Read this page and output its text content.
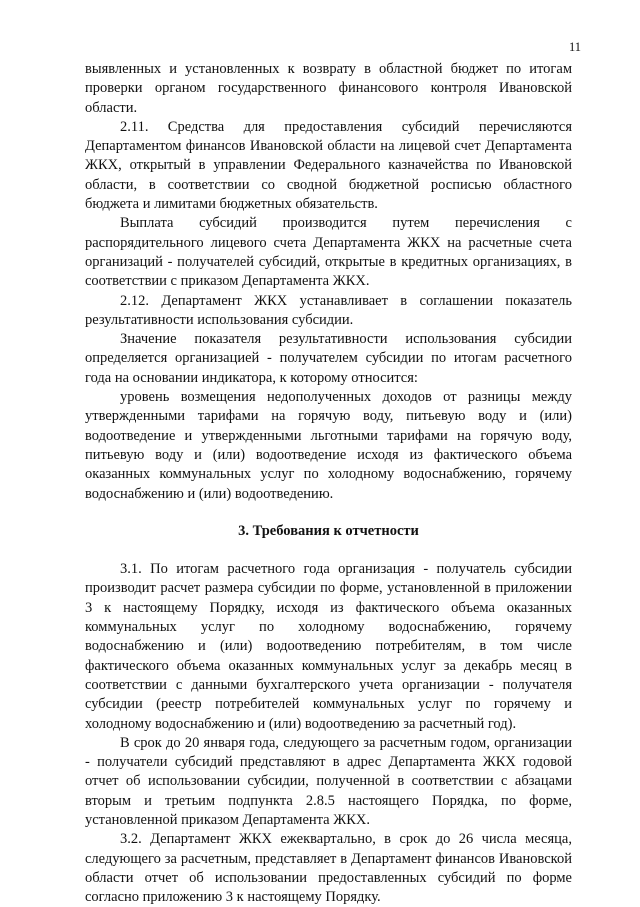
11

выявленных и установленных к возврату в областной бюджет по итогам проверки органом государственного финансового контроля Ивановской области.

2.11. Средства для предоставления субсидий перечисляются Департаментом финансов Ивановской области на лицевой счет Департамента ЖКХ, открытый в управлении Федерального казначейства по Ивановской области, в соответствии со сводной бюджетной росписью областного бюджета и лимитами бюджетных обязательств.

Выплата субсидий производится путем перечисления с распорядительного лицевого счета Департамента ЖКХ на расчетные счета организаций - получателей субсидий, открытые в кредитных организациях, в соответствии с приказом Департамента ЖКХ.

2.12. Департамент ЖКХ устанавливает в соглашении показатель результативности использования субсидии.

Значение показателя результативности использования субсидии определяется организацией - получателем субсидии по итогам расчетного года на основании индикатора, к которому относится:

уровень возмещения недополученных доходов от разницы между утвержденными тарифами на горячую воду, питьевую воду и (или) водоотведение и утвержденными льготными тарифами на горячую воду, питьевую воду и (или) водоотведение исходя из фактического объема оказанных коммунальных услуг по холодному водоснабжению, горячему водоснабжению и (или) водоотведению.

3. Требования к отчетности

3.1. По итогам расчетного года организация - получатель субсидии производит расчет размера субсидии по форме, установленной в приложении 3 к настоящему Порядку, исходя из фактического объема оказанных коммунальных услуг по холодному водоснабжению, горячему водоснабжению и (или) водоотведению потребителям, в том числе фактического объема оказанных коммунальных услуг за декабрь месяц в соответствии с данными бухгалтерского учета организации - получателя субсидии (реестр потребителей коммунальных услуг по горячему и холодному водоснабжению и (или) водоотведению за расчетный год).

В срок до 20 января года, следующего за расчетным годом, организации - получатели субсидий представляют в адрес Департамента ЖКХ годовой отчет об использовании субсидии, полученной в соответствии с абзацами вторым и третьим подпункта 2.8.5 настоящего Порядка, по форме, установленной приказом Департамента ЖКХ.

3.2. Департамент ЖКХ ежеквартально, в срок до 26 числа месяца, следующего за расчетным, представляет в Департамент финансов Ивановской области отчет об использовании предоставленных субсидий по форме согласно приложению 3 к настоящему Порядку.
